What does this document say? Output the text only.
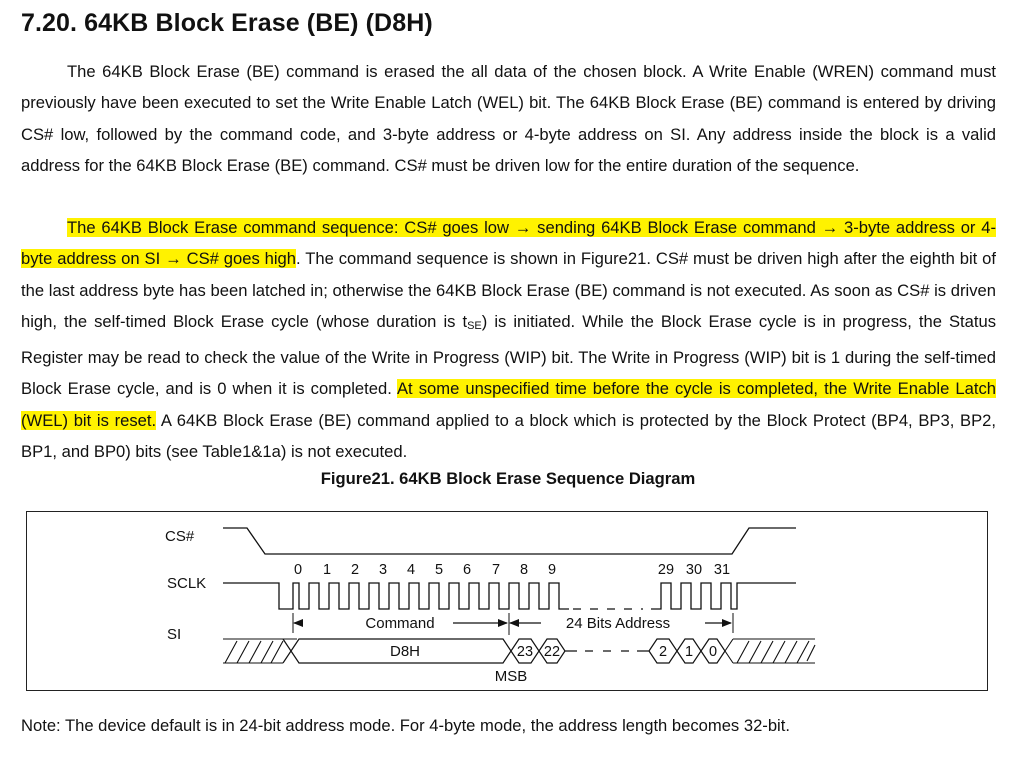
7.20. 64KB Block Erase (BE) (D8H)

The 64KB Block Erase (BE) command is erased the all data of the chosen block. A Write Enable (WREN) command must previously have been executed to set the Write Enable Latch (WEL) bit. The 64KB Block Erase (BE) command is entered by driving CS# low, followed by the command code, and 3-byte address or 4-byte address on SI. Any address inside the block is a valid address for the 64KB Block Erase (BE) command. CS# must be driven low for the entire duration of the sequence.

The 64KB Block Erase command sequence: CS# goes low → sending 64KB Block Erase command → 3-byte address or 4-byte address on SI → CS# goes high. The command sequence is shown in Figure21. CS# must be driven high after the eighth bit of the last address byte has been latched in; otherwise the 64KB Block Erase (BE) command is not executed. As soon as CS# is driven high, the self-timed Block Erase cycle (whose duration is $t_{SE}$) is initiated. While the Block Erase cycle is in progress, the Status Register may be read to check the value of the Write in Progress (WIP) bit. The Write in Progress (WIP) bit is 1 during the self-timed Block Erase cycle, and is 0 when it is completed. At some unspecified time before the cycle is completed, the Write Enable Latch (WEL) bit is reset. A 64KB Block Erase (BE) command applied to a block which is protected by the Block Protect (BP4, BP3, BP2, BP1, and BP0) bits (see Table1&1a) is not executed.

Figure21. 64KB Block Erase Sequence Diagram
CS#
SCLK
SI
0 1 2 3 4 5 6 7 8 9	29 30 31
Command	24 Bits Address
D8H	23 22	2 1 0
MSB
Note: The device default is in 24-bit address mode. For 4-byte mode, the address length becomes 32-bit.
